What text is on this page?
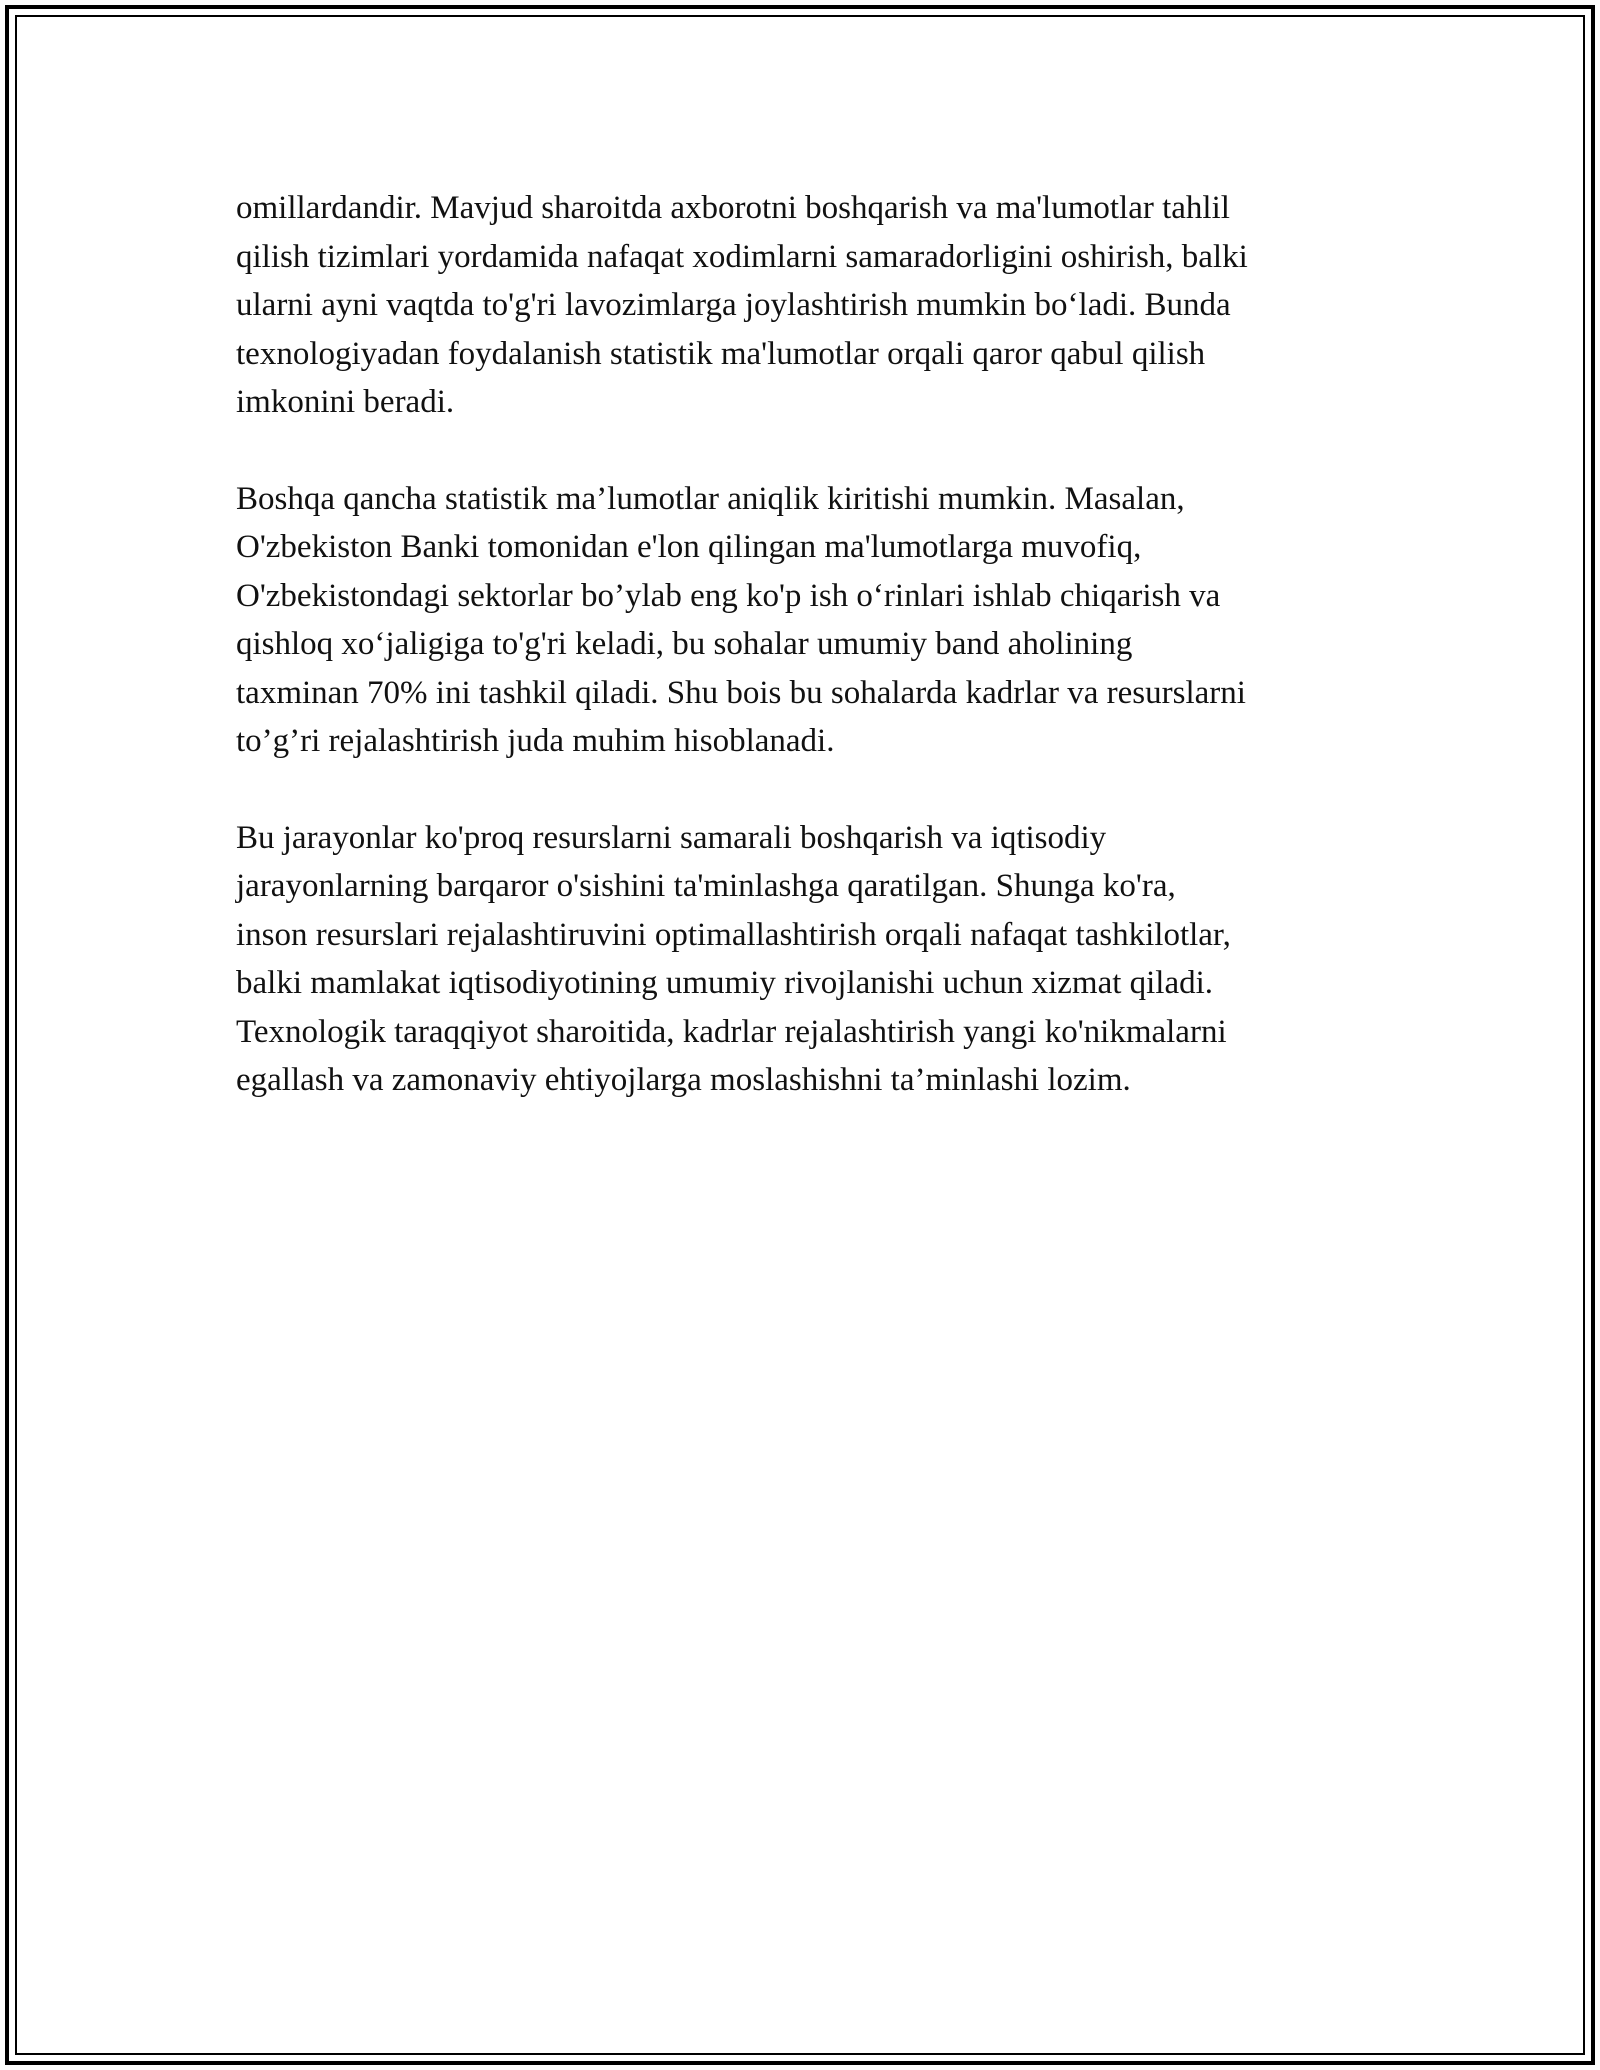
omillardandir. Mavjud sharoitda axborotni boshqarish va ma'lumotlar tahlil
qilish tizimlari yordamida nafaqat xodimlarni samaradorligini oshirish, balki
ularni ayni vaqtda to'g'ri lavozimlarga joylashtirish mumkin bo‘ladi. Bunda
texnologiyadan foydalanish statistik ma'lumotlar orqali qaror qabul qilish
imkonini beradi.

Boshqa qancha statistik ma’lumotlar aniqlik kiritishi mumkin. Masalan,
O'zbekiston Banki tomonidan e'lon qilingan ma'lumotlarga muvofiq,
O'zbekistondagi sektorlar bo’ylab eng ko'p ish o‘rinlari ishlab chiqarish va
qishloq xo‘jaligiga to'g'ri keladi, bu sohalar umumiy band aholining
taxminan 70% ini tashkil qiladi. Shu bois bu sohalarda kadrlar va resurslarni
to’g’ri rejalashtirish juda muhim hisoblanadi.

Bu jarayonlar ko'proq resurslarni samarali boshqarish va iqtisodiy
jarayonlarning barqaror o'sishini ta'minlashga qaratilgan. Shunga ko'ra,
inson resurslari rejalashtiruvini optimallashtirish orqali nafaqat tashkilotlar,
balki mamlakat iqtisodiyotining umumiy rivojlanishi uchun xizmat qiladi.
Texnologik taraqqiyot sharoitida, kadrlar rejalashtirish yangi ko'nikmalarni
egallash va zamonaviy ehtiyojlarga moslashishni ta’minlashi lozim.
